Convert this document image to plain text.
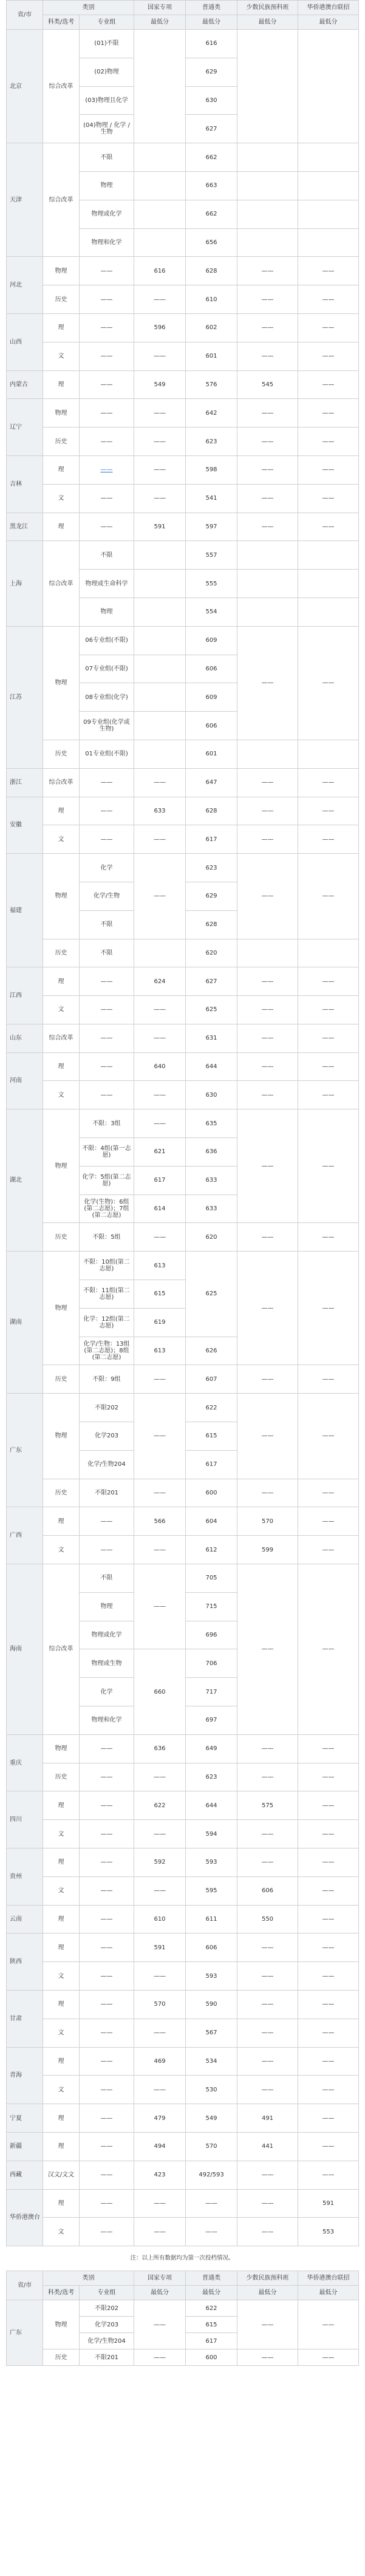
省/市	类别		国家专项	普通类	少数民族预科班	华侨港澳台联招
	科类/选考	专业组	最低分	最低分	最低分	最低分
北京	综合改革	(01)不限		616		
		(02)物理		629		
		(03)物理且化学		630		
		(04)物理 / 化学 / 生物		627		
天津	综合改革	不限		662		
		物理		663		
		物理或化学		662		
		物理和化学		656		
河北	物理	——	616	628	——	——
	历史	——	——	610	——	——
山西	理	——	596	602	——	——
	文	——	——	601	——	——
内蒙古	理	——	549	576	545	——
辽宁	物理	——	——	642	——	——
	历史	——	——	623	——	——
吉林	理	——	——	598	——	——
	文	——	——	541	——	——
黑龙江	理	——	591	597	——	——
上海	综合改革	不限		557		
		物理或生命科学		555		
		物理		554		
江苏	物理	06专业组(不限)		609	——	——
		07专业组(不限)		606		
		08专业组(化学)		609		
		09专业组(化学或生物)		606		
	历史	01专业组(不限)		601		
浙江	综合改革	——	——	647	——	——
安徽	理	——	633	628	——	——
	文	——	——	617	——	——
福建	物理	化学	——	623	——	——
		化学/生物		629		
		不限		628		
	历史	不限		620		
江西	理	——	624	627	——	——
	文	——	——	625	——	——
山东	综合改革	——	——	631	——	——
河南	理	——	640	644	——	——
	文	——	——	630	——	——
湖北	物理	不限：3组	——	635	——	——
		不限：4组(第一志愿)	621	636		
		化学：5组(第二志愿)	617	633		
		化学(生物)：6组(第二志愿)；7组(第二志愿)	614	633		
	历史	不限：5组	——	620	——	——
湖南	物理	不限：10组(第二志愿)	613	625	——	——
		不限：11组(第二志愿)	615			
		化学：12组(第二志愿)	619			
		化学/生物：13组(第二志愿)；8组(第二志愿)	613	626		
	历史	不限：9组	——	607	——	——
广东	物理	不限202	——	622	——	——
		化学203		615		
		化学/生物204		617		
	历史	不限201	——	600	——	——
广西	理	——	566	604	570	——
	文	——	——	612	599	——
海南	综合改革	不限	——	705	——	——
		物理		715		
		物理或化学		696		
		物理或生物	660	706		
		化学		717		
		物理和化学		697		
重庆	物理	——	636	649	——	——
	历史	——	——	623	——	——
四川	理	——	622	644	575	——
	文	——	——	594	——	——
贵州	理	——	592	593	——	——
	文	——	——	595	606	——
云南	理	——	610	611	550	——
陕西	理	——	591	606	——	——
	文	——	——	593	——	——
甘肃	理	——	570	590	——	——
	文	——	——	567	——	——
青海	理	——	469	534	——	——
	文	——	——	530	——	——
宁夏	理	——	479	549	491	——
新疆	理	——	494	570	441	——
西藏	汉文/文文	——	423	492/593	——	——
华侨港澳台	理	——	——	——	——	591
	文	——	——	——	——	553
注：以上所有数据均为第一次投档情况。
省/市	类别		国家专项	普通类	少数民族预科班	华侨港澳台联招
	科类/选考	专业组	最低分	最低分	最低分	最低分
广东	物理	不限202	——	622	——	——
		化学203		615		
		化学/生物204		617		
	历史	不限201	——	600	——	——
